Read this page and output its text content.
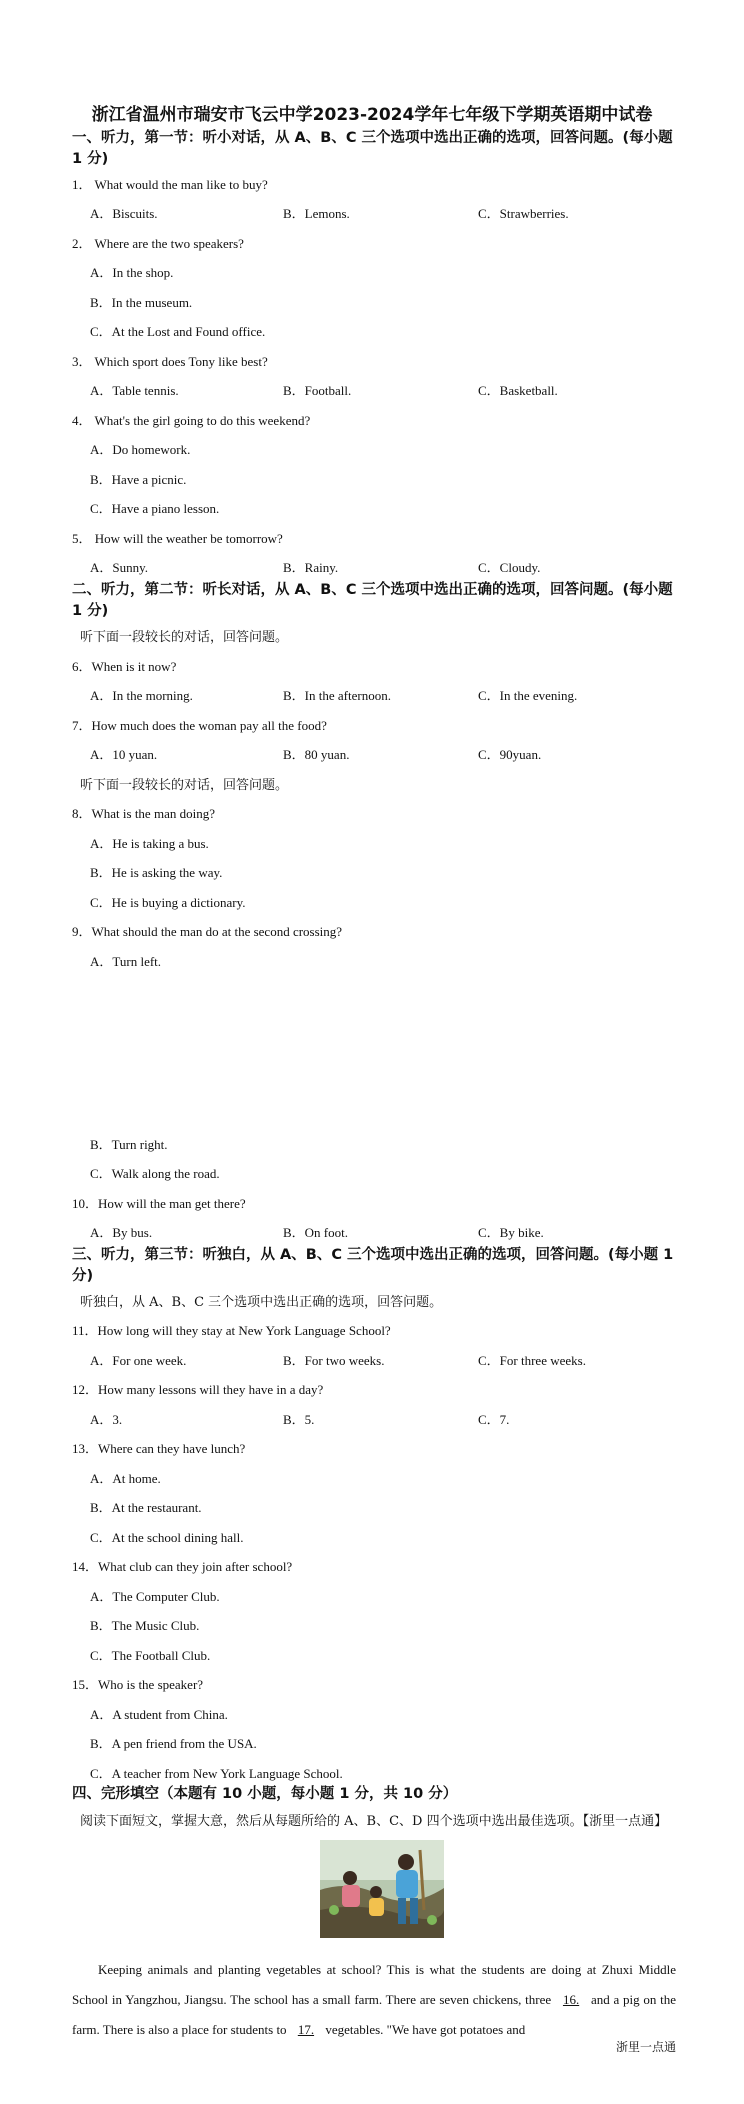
浙江省温州市瑞安市飞云中学2023-2024学年七年级下学期英语期中试卷
一、听力，第一节：听小对话，从 A、B、C 三个选项中选出正确的选项，回答问题。(每小题 1 分)
1． What would the man like to buy?
A．Biscuits.	B．Lemons.	C．Strawberries.
2． Where are the two speakers?
A．In the shop.
B．In the museum.
C．At the Lost and Found office.
3． Which sport does Tony like best?
A．Table tennis.	B．Football.	C．Basketball.
4． What's the girl going to do this weekend?
A．Do homework.
B．Have a picnic.
C．Have a piano lesson.
5． How will the weather be tomorrow?
A．Sunny.	B．Rainy.	C．Cloudy.
二、听力，第二节：听长对话，从 A、B、C 三个选项中选出正确的选项，回答问题。(每小题 1 分)
听下面一段较长的对话，回答问题。
6．When is it now?
A．In the morning.	B．In the afternoon.	C．In the evening.
7．How much does the woman pay all the food?
A．10 yuan.	B．80 yuan.	C．90yuan.
听下面一段较长的对话，回答问题。
8．What is the man doing?
A．He is taking a bus.
B．He is asking the way.
C．He is buying a dictionary.
9．What should the man do at the second crossing?
A．Turn left.
B．Turn right.
C．Walk along the road.
10．How will the man get there?
A．By bus.	B．On foot.	C．By bike.
三、听力，第三节：听独白，从 A、B、C 三个选项中选出正确的选项，回答问题。(每小题 1 分)
听独白，从 A、B、C 三个选项中选出正确的选项，回答问题。
11．How long will they stay at New York Language School?
A．For one week.	B．For two weeks.	C．For three weeks.
12．How many lessons will they have in a day?
A．3.	B．5.	C．7.
13．Where can they have lunch?
A．At home.
B．At the restaurant.
C．At the school dining hall.
14．What club can they join after school?
A．The Computer Club.
B．The Music Club.
C．The Football Club.
15．Who is the speaker?
A．A student from China.
B．A pen friend from the USA.
C．A teacher from New York Language School.
四、完形填空（本题有 10 小题，每小题 1 分，共 10 分）
阅读下面短文，掌握大意，然后从每题所给的 A、B、C、D 四个选项中选出最佳选项。【浙里一点通】

Keeping animals and planting vegetables at school? This is what the students are doing at Zhuxi Middle School in Yangzhou, Jiangsu. The school has a small farm. There are seven chickens, three 16. and a pig on the farm. There is also a place for students to 17. vegetables. "We have got potatoes and

浙里一点通
